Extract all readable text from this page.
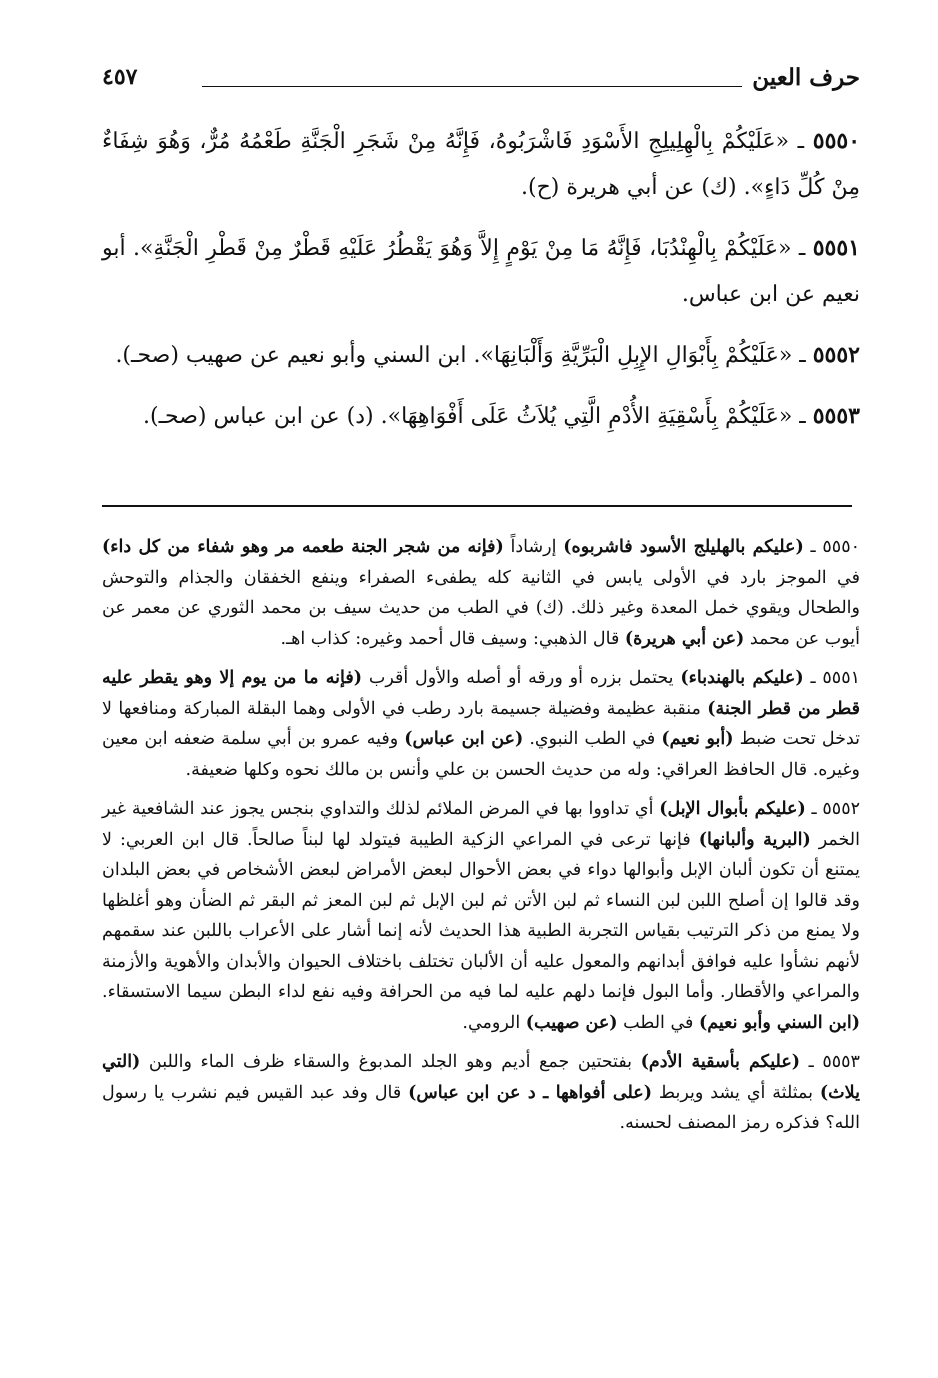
حرف العين
٤٥٧

٥٥٥٠ ـ «عَلَيْكُمْ بِالْهِلِيلِجِ الأَسْوَدِ فَاشْرَبُوهُ، فَإِنَّهُ مِنْ شَجَرِ الْجَنَّةِ طَعْمُهُ مُرٌّ، وَهُوَ شِفَاءٌ مِنْ كُلِّ دَاءٍ». (ك) عن أبي هريرة (ح).

٥٥٥١ ـ «عَلَيْكُمْ بِالْهِنْدُبَا، فَإِنَّهُ مَا مِنْ يَوْمٍ إِلاَّ وَهُوَ يَقْطُرُ عَلَيْهِ قَطْرٌ مِنْ قَطْرِ الْجَنَّةِ». أبو نعيم عن ابن عباس.

٥٥٥٢ ـ «عَلَيْكُمْ بِأَبْوَالِ الإِبِلِ الْبَرِّيَّةِ وَأَلْبَانِهَا». ابن السني وأبو نعيم عن صهيب (صحـ).

٥٥٥٣ ـ «عَلَيْكُمْ بِأَسْقِيَةِ الأُدْمِ الَّتِي يُلاَثُ عَلَى أَفْوَاهِهَا». (د) عن ابن عباس (صحـ).

٥٥٥٠ ـ (عليكم بالهليلج الأسود فاشربوه) إرشاداً (فإنه من شجر الجنة طعمه مر وهو شفاء من كل داء) في الموجز بارد في الأولى يابس في الثانية كله يطفىء الصفراء وينفع الخفقان والجذام والتوحش والطحال ويقوي خمل المعدة وغير ذلك. (ك) في الطب من حديث سيف بن محمد الثوري عن معمر عن أيوب عن محمد (عن أبي هريرة) قال الذهبي: وسيف قال أحمد وغيره: كذاب اهـ.

٥٥٥١ ـ (عليكم بالهندباء) يحتمل بزره أو ورقه أو أصله والأول أقرب (فإنه ما من يوم إلا وهو يقطر عليه قطر من قطر الجنة) منقبة عظيمة وفضيلة جسيمة بارد رطب في الأولى وهما البقلة المباركة ومنافعها لا تدخل تحت ضبط (أبو نعيم) في الطب النبوي. (عن ابن عباس) وفيه عمرو بن أبي سلمة ضعفه ابن معين وغيره. قال الحافظ العراقي: وله من حديث الحسن بن علي وأنس بن مالك نحوه وكلها ضعيفة.

٥٥٥٢ ـ (عليكم بأبوال الإبل) أي تداووا بها في المرض الملائم لذلك والتداوي بنجس يجوز عند الشافعية غير الخمر (البرية وألبانها) فإنها ترعى في المراعي الزكية الطيبة فيتولد لها لبناً صالحاً. قال ابن العربي: لا يمتنع أن تكون ألبان الإبل وأبوالها دواء في بعض الأحوال لبعض الأمراض لبعض الأشخاص في بعض البلدان وقد قالوا إن أصلح اللبن لبن النساء ثم لبن الأتن ثم لبن الإبل ثم لبن المعز ثم البقر ثم الضأن وهو أغلظها ولا يمنع من ذكر الترتيب بقياس التجربة الطبية هذا الحديث لأنه إنما أشار على الأعراب باللبن عند سقمهم لأنهم نشأوا عليه فوافق أبدانهم والمعول عليه أن الألبان تختلف باختلاف الحيوان والأبدان والأهوية والأزمنة والمراعي والأقطار. وأما البول فإنما دلهم عليه لما فيه من الحرافة وفيه نفع لداء البطن سيما الاستسقاء. (ابن السني وأبو نعيم) في الطب (عن صهيب) الرومي.

٥٥٥٣ ـ (عليكم بأسقية الأدم) بفتحتين جمع أديم وهو الجلد المدبوغ والسقاء ظرف الماء واللبن (التي يلاث) بمثلثة أي يشد ويربط (على أفواهها ـ د عن ابن عباس) قال وفد عبد القيس فيم نشرب يا رسول الله؟ فذكره رمز المصنف لحسنه.
